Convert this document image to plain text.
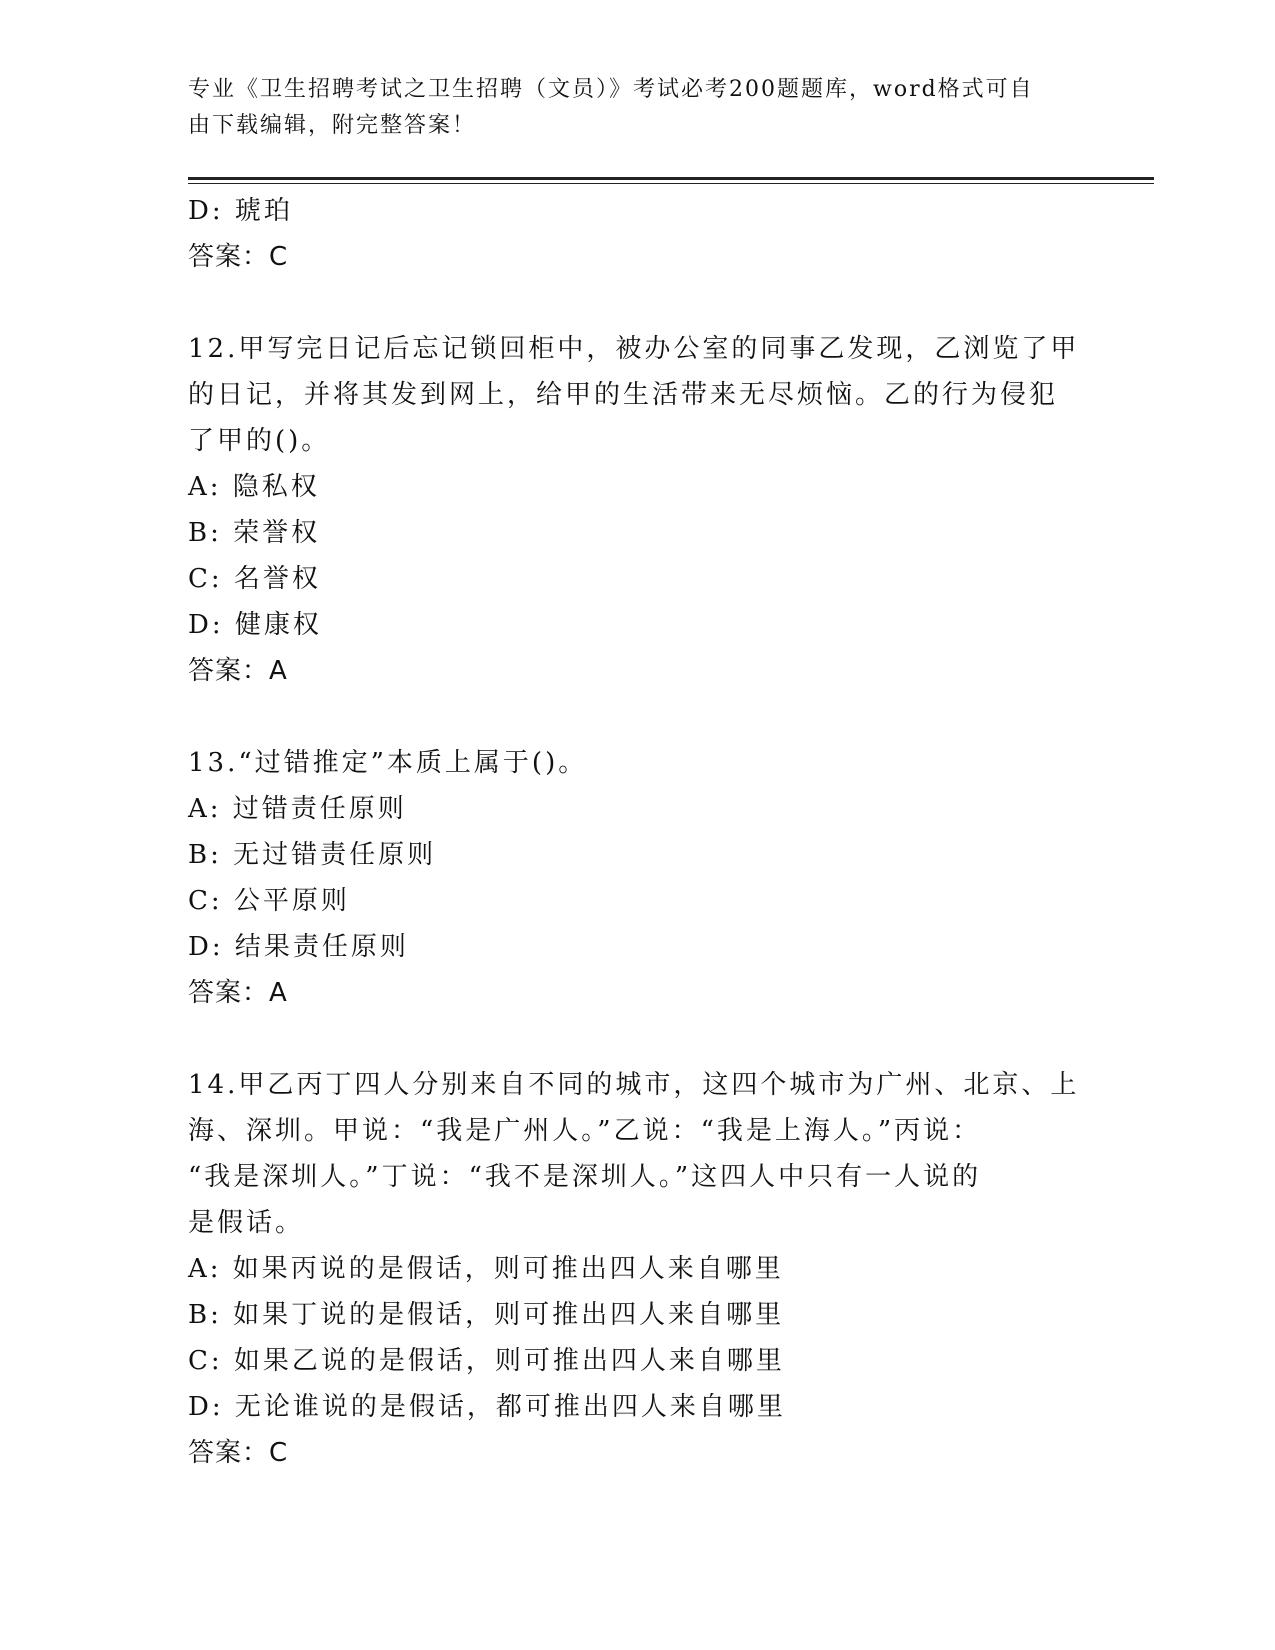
专业《卫生招聘考试之卫生招聘（文员）》考试必考200题题库，word格式可自
由下载编辑，附完整答案！
D: 琥珀
答案：C
12.甲写完日记后忘记锁回柜中，被办公室的同事乙发现，乙浏览了甲
的日记，并将其发到网上，给甲的生活带来无尽烦恼。乙的行为侵犯
了甲的()。
A: 隐私权
B: 荣誉权
C: 名誉权
D: 健康权
答案：A
13.“过错推定”本质上属于()。
A: 过错责任原则
B: 无过错责任原则
C: 公平原则
D: 结果责任原则
答案：A
14.甲乙丙丁四人分别来自不同的城市，这四个城市为广州、北京、上
海、深圳。甲说：“我是广州人。”乙说：“我是上海人。”丙说：
“我是深圳人。”丁说：“我不是深圳人。”这四人中只有一人说的
是假话。
A: 如果丙说的是假话，则可推出四人来自哪里
B: 如果丁说的是假话，则可推出四人来自哪里
C: 如果乙说的是假话，则可推出四人来自哪里
D: 无论谁说的是假话，都可推出四人来自哪里
答案：C
